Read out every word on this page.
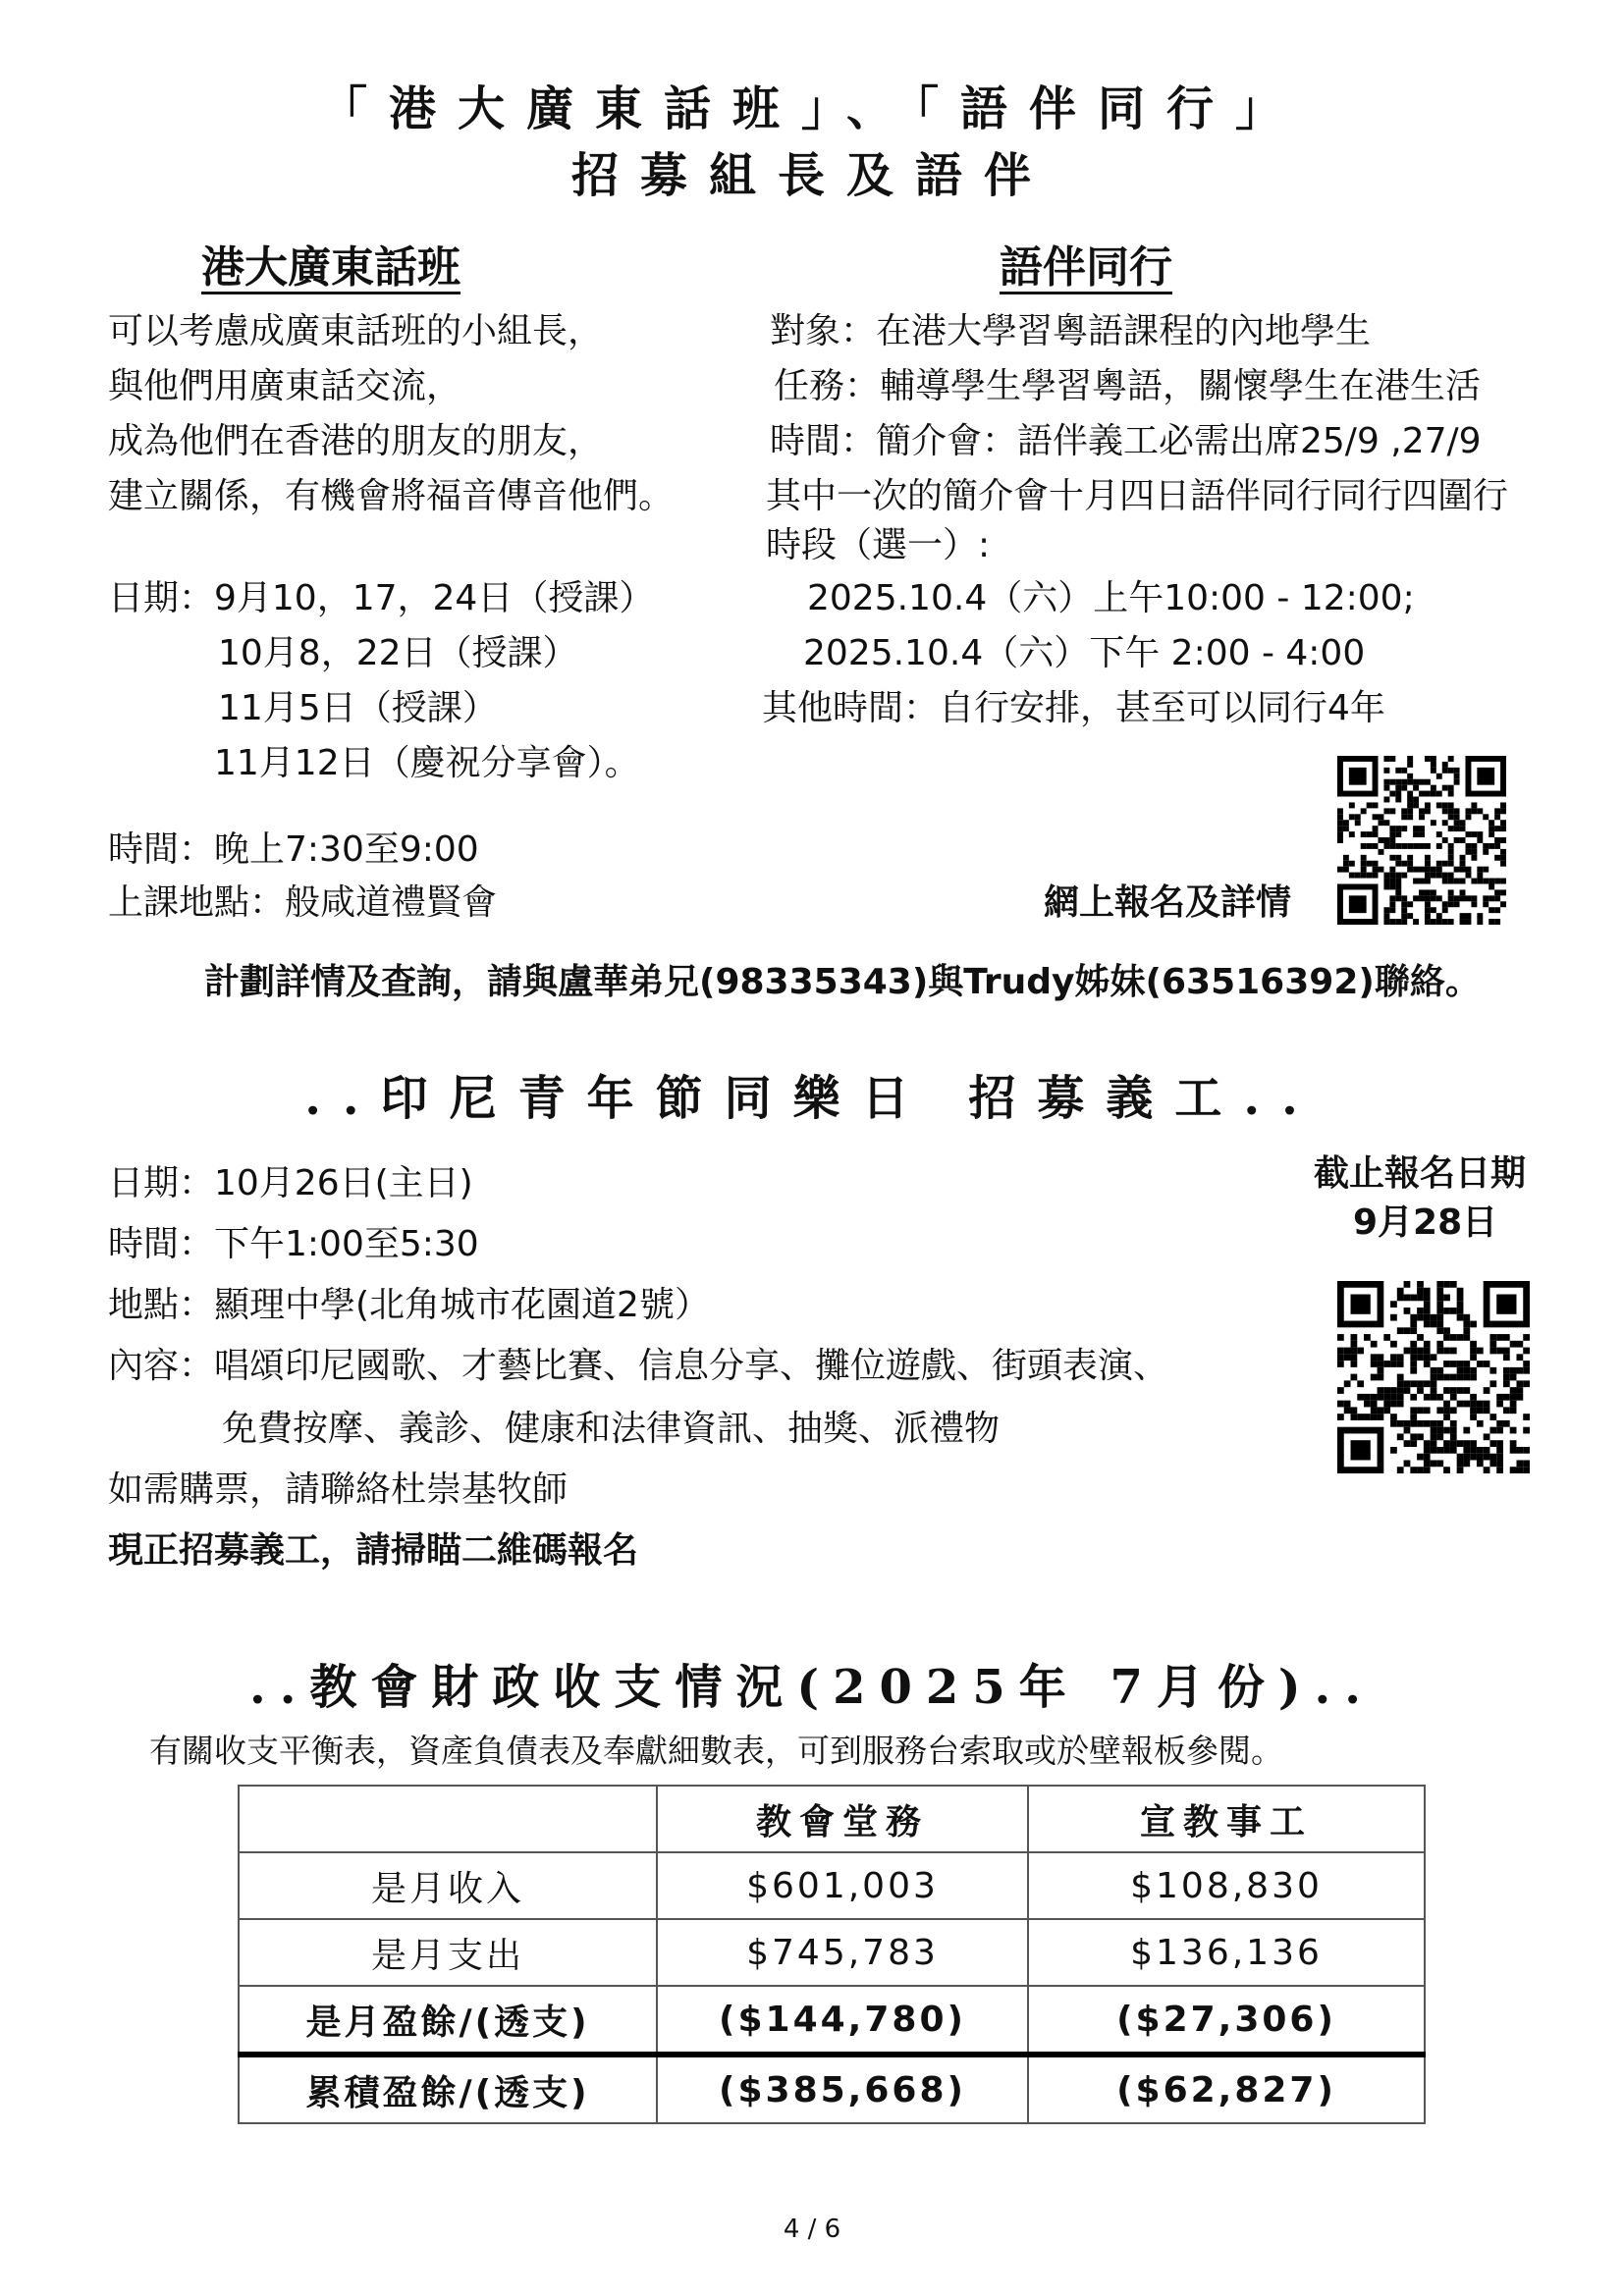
「港大廣東話班」、「語伴同行」
招募組長及語伴
港大廣東話班
可以考慮成廣東話班的小組長，
與他們用廣東話交流，
成為他們在香港的朋友的朋友，
建立關係，有機會將福音傳音他們。
日期：9月10，17，24日（授課）
10月8，22日（授課）
11月5日（授課）
11月12日（慶祝分享會）。
時間：晚上7:30至9:00
上課地點：般咸道禮賢會
語伴同行
對象：在港大學習粵語課程的內地學生
任務：輔導學生學習粵語，關懷學生在港生活
時間：簡介會：語伴義工必需出席25/9 ,27/9
其中一次的簡介會十月四日語伴同行同行四圍行
時段（選一）:
2025.10.4（六）上午10:00 - 12:00;
2025.10.4（六）下午 2:00 - 4:00
其他時間：自行安排，甚至可以同行4年
網上報名及詳情
計劃詳情及查詢，請與盧華弟兄(98335343)與Trudy姊妹(63516392)聯絡。
..印尼青年節同樂日 招募義工..
截止報名日期
9月28日
日期：10月26日(主日)
時間：下午1:00至5:30
地點：顯理中學(北角城市花園道2號）
內容：唱頌印尼國歌、才藝比賽、信息分享、攤位遊戲、街頭表演、
免費按摩、義診、健康和法律資訊、抽獎、派禮物
如需購票，請聯絡杜崇基牧師
現正招募義工，請掃瞄二維碼報名
..教會財政收支情況(2025年 7月份)..
有關收支平衡表，資產負債表及奉獻細數表，可到服務台索取或於壁報板參閱。
	教會堂務	宣教事工
是月收入	$601,003	$108,830
是月支出	$745,783	$136,136
是月盈餘/(透支)	($144,780)	($27,306)
累積盈餘/(透支)	($385,668)	($62,827)
4 / 6
